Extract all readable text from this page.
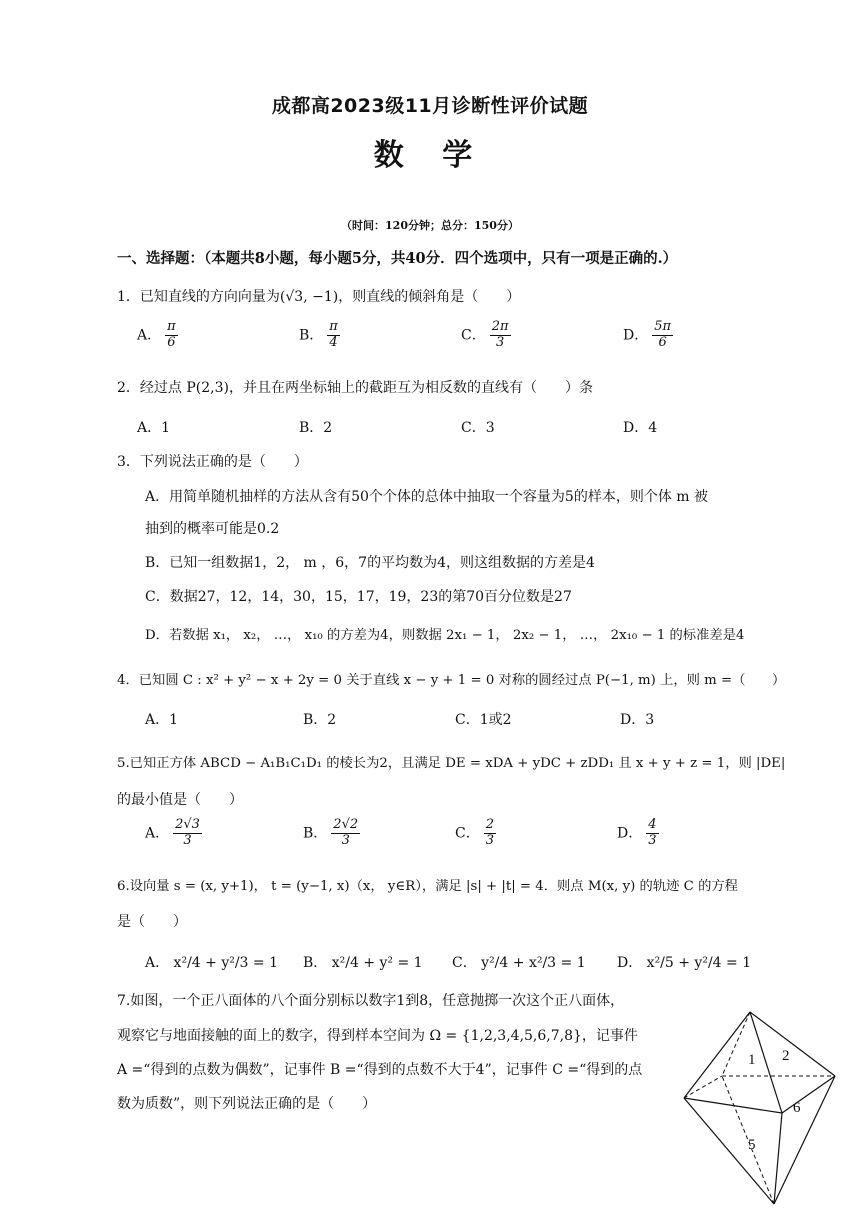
成都高2023级11月诊断性评价试题
数 学
（时间：120分钟；总分：150分）
一、选择题：（本题共8小题，每小题5分，共40分．四个选项中，只有一项是正确的.）
1．已知直线的方向向量为(√3, −1)，则直线的倾斜角是（　　）
A． $\frac{\pi}{6}$	B． $\frac{\pi}{4}$	C． $\frac{2\pi}{3}$	D． $\frac{5\pi}{6}$
2．经过点 P(2,3)，并且在两坐标轴上的截距互为相反数的直线有（　　）条
A．1	B．2	C．3	D．4
3．下列说法正确的是（　　）
A．用简单随机抽样的方法从含有50个个体的总体中抽取一个容量为5的样本，则个体 m 被
抽到的概率可能是0.2
B．已知一组数据1，2， m ，6，7的平均数为4，则这组数据的方差是4
C．数据27，12，14，30，15，17，19，23的第70百分位数是27
D．若数据 x₁， x₂， …， x₁₀ 的方差为4，则数据 2x₁ − 1， 2x₂ − 1， …， 2x₁₀ − 1 的标准差是4
4．已知圆 C : x² + y² − x + 2y = 0 关于直线 x − y + 1 = 0 对称的圆经过点 P(−1, m) 上，则 m =（　　）
A．1	B．2	C．1或2	D．3
5.已知正方体 ABCD − A₁B₁C₁D₁ 的棱长为2，且满足 DE = xDA + yDC + zDD₁ 且 x + y + z = 1，则 |DE|
的最小值是（　　）
A． $\frac{2√3}{3}$	B． $\frac{2√2}{3}$	C． $\frac{2}{3}$	D． $\frac{4}{3}$
6.设向量 s = (x, y+1)， t = (y−1, x)（x， y∈R），满足 |s| + |t| = 4．则点 M(x, y) 的轨迹 C 的方程
是（　　）
A． x²/4 + y²/3 = 1 B． x²/4 + y² = 1 C． y²/4 + x²/3 = 1 D． x²/5 + y²/4 = 1
7.如图，一个正八面体的八个面分别标以数字1到8，任意抛掷一次这个正八面体，
观察它与地面接触的面上的数字，得到样本空间为 Ω = {1,2,3,4,5,6,7,8}，记事件
A =“得到的点数为偶数”，记事件 B =“得到的点数不大于4”，记事件 C =“得到的点
数为质数”，则下列说法正确的是（　　）
1 2
5
6
